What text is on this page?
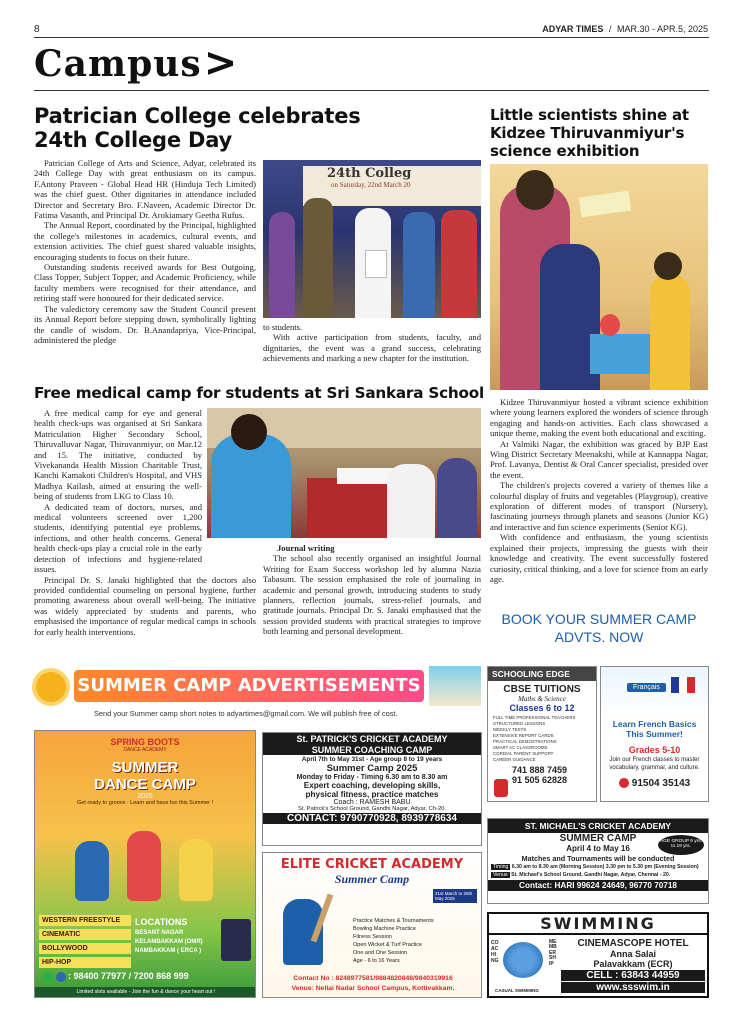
8	ADYAR TIMES / MAR.30 - APR.5, 2025
Campus>
Patrician College celebrates
24th College Day

Patrician College of Arts and Science, Adyar, celebrated its 24th College Day with great enthusiasm on its campus. F.Antony Praveen - Global Head HR (Hinduja Tech Limited) was the chief guest. Other dignitaries in attendance included Director and Secretary Bro. F.Naveen, Academic Director Dr. Fatima Vasanth, and Principal Dr. Arokiamary Geetha Rufus.

The Annual Report, coordinated by the Principal, highlighted the college's milestones in academics, cultural events, and extension activities. The chief guest shared valuable insights, encouraging students to focus on their future.

Outstanding students received awards for Best Outgoing, Class Topper, Subject Topper, and Academic Proficiency, while faculty members were recognised for their attendance, and retiring staff were honoured for their dedicated service.

The valedictory ceremony saw the Student Council present its Annual Report before stepping down, symbolically lighting the candle of wisdom. Dr. B.Anandapriya, Vice-Principal, administered the pledge

24th Colleg
on Saturday, 22nd March 20
to students.

With active participation from students, faculty, and dignitaries, the event was a grand success, celebrating achievements and marking a new chapter for the institution.

Little scientists shine at
Kidzee Thiruvanmiyur's
science exhibition

Kidzee Thiruvanmiyur hosted a vibrant science exhibition where young learners explored the wonders of science through engaging and hands-on activities. Each class showcased a unique theme, making the event both educational and exciting.

At Valmiki Nagar, the exhibition was graced by BJP East Wing District Secretary Meenakshi, while at Kannappa Nagar, Prof. Lavanya, Dentist & Oral Cancer specialist, presided over the event.

The children's projects covered a variety of themes like a colourful display of fruits and vegetables (Playgroup), creative exploration of different modes of transport (Nursery), fascinating journeys through planets and seasons (Junior KG) and interactive and fun science experiments (Senior KG).

With confidence and enthusiasm, the young scientists explained their projects, impressing the guests with their knowledge and creativity. The event successfully fostered curiosity, critical thinking, and a love for science from an early age.

BOOK YOUR SUMMER CAMP
ADVTS. NOW
Free medical camp for students at Sri Sankara School

A free medical camp for eye and general health check-ups was organised at Sri Sankara Matriculation Higher Secondary School, Thiruvalluvar Nagar, Thiruvanmiyur, on Mar.12 and 15. The initiative, conducted by Vivekananda Health Mission Charitable Trust, Kanchi Kamakoti Children's Hospital, and VHS Madhya Kailash, aimed at ensuring the well-being of students from LKG to Class 10.

A dedicated team of doctors, nurses, and medical volunteers screened over 1,200 students, identifying potential eye problems, infections, and other health concerns. General health check-ups play a crucial role in the early detection of infections and hygiene-related issues.

Principal Dr. S. Janaki highlighted that the doctors also provided confidential counseling on personal hygiene, further promoting awareness about overall well-being. The initiative was widely appreciated by students and parents, who emphasised the importance of regular medical camps in schools for early health interventions.

Journal writing

The school also recently organised an insightful Journal Writing for Exam Success workshop led by alumna Nazia Tabasum. The session emphasised the role of journaling in academic and personal growth, introducing students to study planners, reflection journals, stress-relief journals, and gratitude journals. Principal Dr. S. Janaki emphasised that the session provided students with practical strategies to improve both learning and personal development.

SUMMER CAMP ADVERTISEMENTS
Send your Summer camp short notes to adyartimes@gmail.com. We will publish free of cost.
SCHOOLING EDGE
CBSE TUITIONS
Maths & Science
Classes 6 to 12
FULL TIME PROFESSIONAL TEACHERS
STRUCTURED LESSONS
WEEKLY TESTS
EXTENSIVE REPORT CARDS
PRACTICAL DEMOSTRATIONS
SMART AC CLASSROOMS
CORDIAL PARENT SUPPORT
CAREER GUIDANCE
741 888 7459
91 505 62828
Français
Learn French Basics
This Summer!
Grades 5-10
Join our French classes to master vocabulary, grammar, and culture.
91504 35143
SPRING BOOTS
DANCE ACADEMY
SUMMER
DANCE CAMP
2025
Get ready to groove : Learn and have fun this Summer !
WESTERN FREESTYLE
CINEMATIC
BOLLYWOOD
HIP-HOP
LOCATIONS
BESANT NAGAR
KELAMBAKKAM (OMR)
NAMBAKKAM ( ERCA )
: 98400 77977 / 7200 868 999
Limited slots available - Join the fun & dance your heart out !
St. PATRICK'S CRICKET ACADEMY
SUMMER COACHING CAMP
April 7th to May 31st - Age group 8 to 19 years
Summer Camp 2025
Monday to Friday - Timing 6.30 am to 8.30 am
Expert coaching, developing skills,
physical fitness, practice matches
Coach : RAMESH BABU
St. Patrick's School Ground, Gandhi Nagar, Adyar, Ch-20.
CONTACT: 9790770928, 8939778634
ELITE CRICKET ACADEMY
Summer Camp
21st March to 26th May 2025
Practice Matches & Tournaments
Bowling Machine Practice
Fitness Session
Open Wicket & Turf Practice
One and One Session
Age - 6 to 16 Years
Contact No : 8248977581/9884820848/9840319916
Venue: Nellai Nadar School Campus, Kottivakkam.
ST. MICHAEL'S CRICKET ACADEMY
SUMMER CAMP
April 4 to May 16
AGE GROUP 6 yrs. to 19 yrs.
Matches and Tournaments will be conducted
Timing 6.30 am to 8.30 am (Morning Session) 3.30 pm to 5.30 pm (Evening Session)
Venue St. Michael's School Ground, Gandhi Nagar, Adyar, Chennai - 20.
Contact: HARI 99624 24649, 96770 70718
SWIMMING
COACHING
CASUAL SWIMMING
MEMBERSHIP
CINEMASCOPE HOTEL
Anna Salai
Palavakkam (ECR)
CELL : 63843 44959
www.ssswim.in
